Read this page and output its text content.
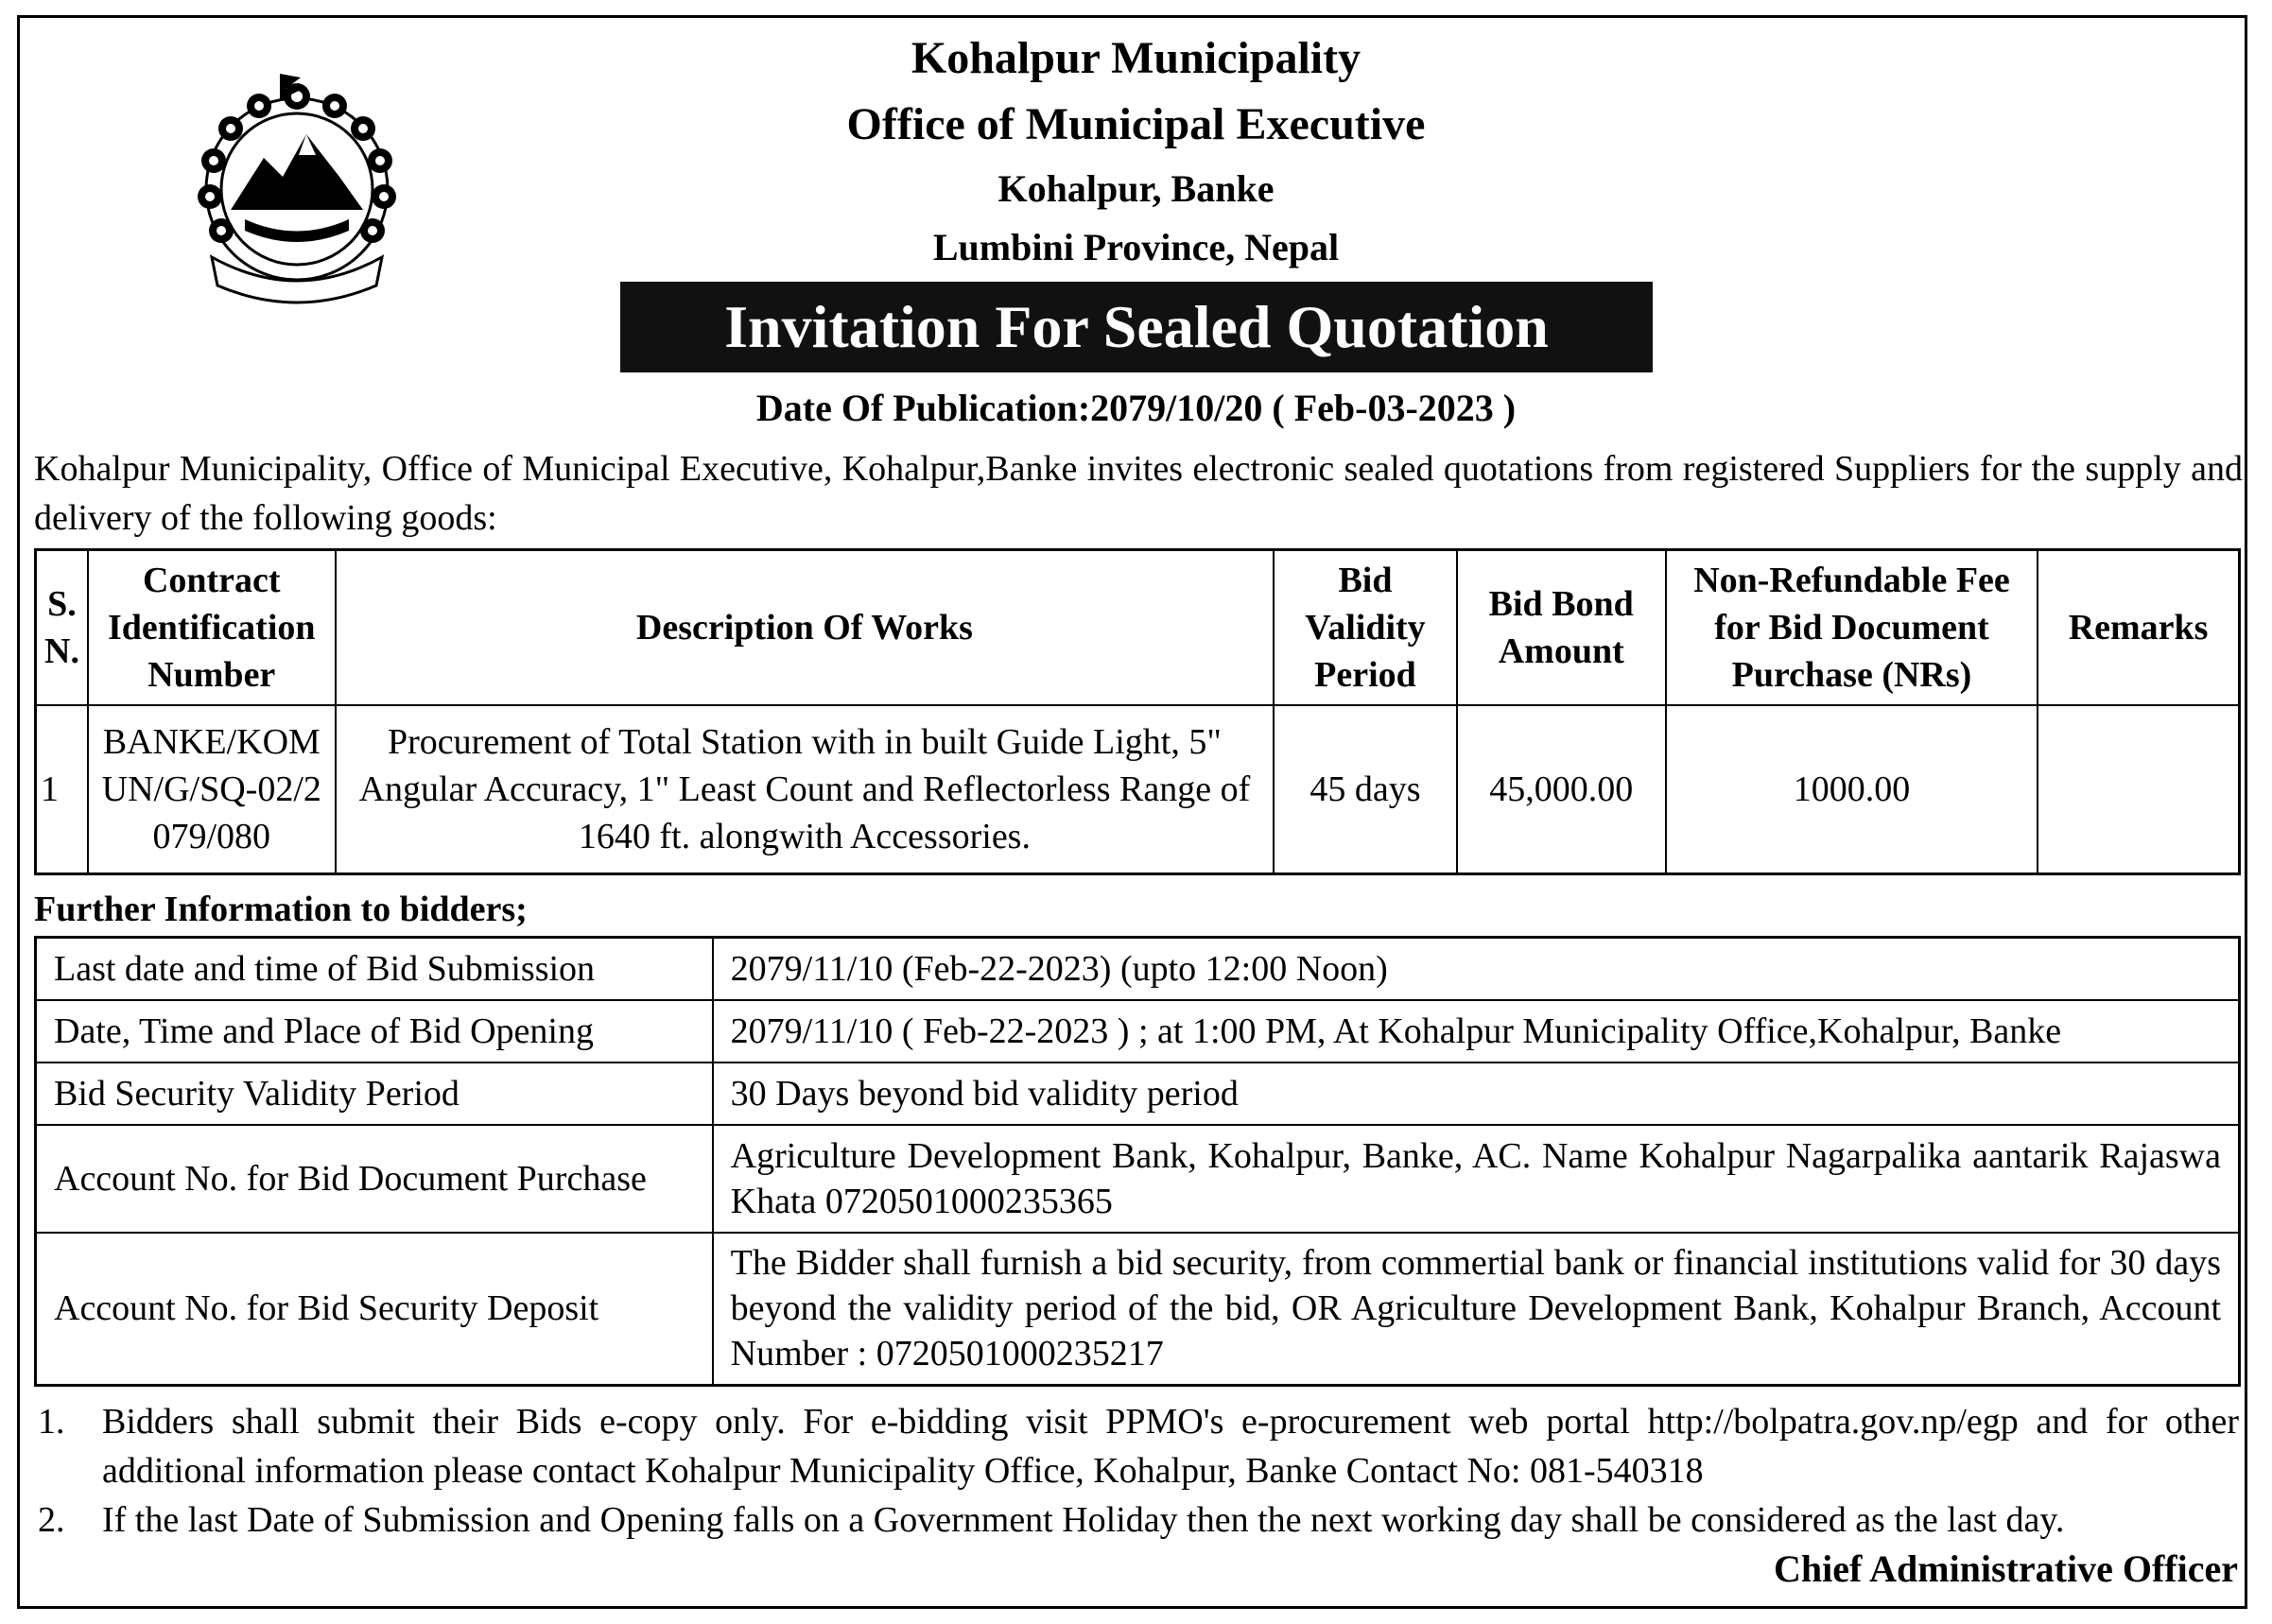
Kohalpur Municipality
Office of Municipal Executive
Kohalpur, Banke
Lumbini Province, Nepal
Invitation For Sealed Quotation
Date Of Publication:2079/10/20 ( Feb-03-2023 )
Kohalpur Municipality, Office of Municipal Executive, Kohalpur,Banke invites electronic sealed quotations from registered Suppliers for the supply and delivery of the following goods:
S. N.	Contract Identification Number	Description Of Works	Bid Validity Period	Bid Bond Amount	Non-Refundable Fee for Bid Document Purchase (NRs)	Remarks
1	BANKE/KOMUN/G/SQ-02/2079/080	Procurement of Total Station with in built Guide Light, 5" Angular Accuracy, 1" Least Count and Reflectorless Range of 1640 ft. alongwith Accessories.	45 days	45,000.00	1000.00	
Further Information to bidders;
Last date and time of Bid Submission	2079/11/10 (Feb-22-2023) (upto 12:00 Noon)
Date, Time and Place of Bid Opening	2079/11/10 ( Feb-22-2023 ) ; at 1:00 PM, At Kohalpur Municipality Office,Kohalpur, Banke
Bid Security Validity Period	30 Days beyond bid validity period
Account No. for Bid Document Purchase	Agriculture Development Bank, Kohalpur, Banke, AC. Name Kohalpur Nagarpalika aantarik Rajaswa Khata 0720501000235365
Account No. for Bid Security Deposit	The Bidder shall furnish a bid security, from commertial bank or financial institutions valid for 30 days beyond the validity period of the bid, OR Agriculture Development Bank, Kohalpur Branch, Account Number : 0720501000235217
1. Bidders shall submit their Bids e-copy only. For e-bidding visit PPMO's e-procurement web portal http://bolpatra.gov.np/egp and for other additional information please contact Kohalpur Municipality Office, Kohalpur, Banke Contact No: 081-540318
2. If the last Date of Submission and Opening falls on a Government Holiday then the next working day shall be considered as the last day.
Chief Administrative Officer
